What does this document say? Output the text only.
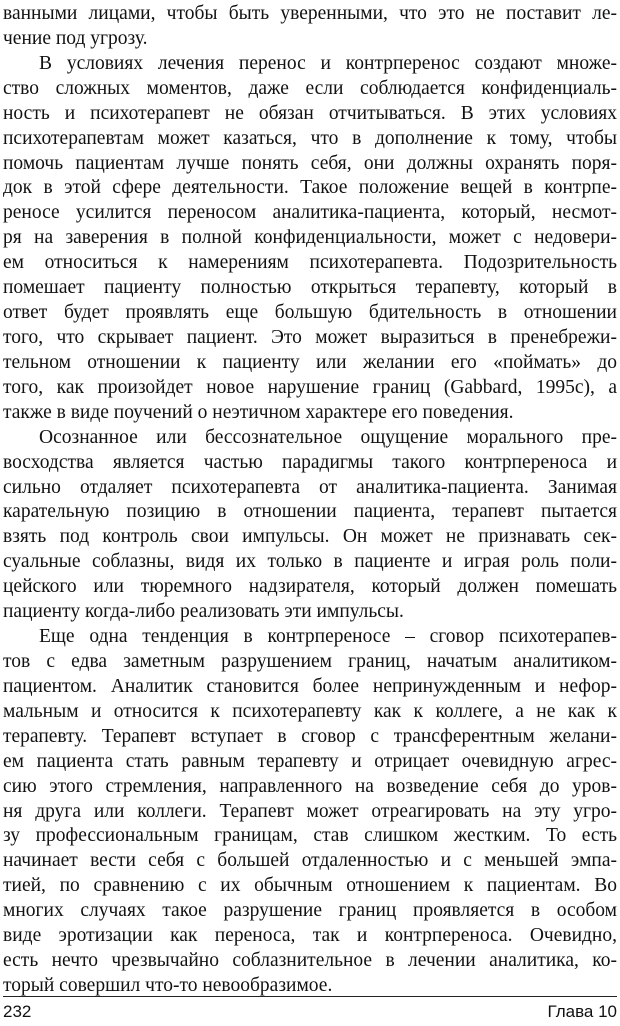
ванными лицами, чтобы быть уверенными, что это не поставит ле-
чение под угрозу.
В условиях лечения перенос и контрперенос создают множе-
ство сложных моментов, даже если соблюдается конфиденциаль-
ность и психотерапевт не обязан отчитываться. В этих условиях
психотерапевтам может казаться, что в дополнение к тому, чтобы
помочь пациентам лучше понять себя, они должны охранять поря-
док в этой сфере деятельности. Такое положение вещей в контрпе-
реносе усилится переносом аналитика-пациента, который, несмот-
ря на заверения в полной конфиденциальности, может с недовери-
ем относиться к намерениям психотерапевта. Подозрительность
помешает пациенту полностью открыться терапевту, который в
ответ будет проявлять еще большую бдительность в отношении
того, что скрывает пациент. Это может выразиться в пренебрежи-
тельном отношении к пациенту или желании его «поймать» до
того, как произойдет новое нарушение границ (Gabbard, 1995c), а
также в виде поучений о неэтичном характере его поведения.
Осознанное или бессознательное ощущение морального пре-
восходства является частью парадигмы такого контрпереноса и
сильно отдаляет психотерапевта от аналитика-пациента. Занимая
карательную позицию в отношении пациента, терапевт пытается
взять под контроль свои импульсы. Он может не признавать сек-
суальные соблазны, видя их только в пациенте и играя роль поли-
цейского или тюремного надзирателя, который должен помешать
пациенту когда-либо реализовать эти импульсы.
Еще одна тенденция в контрпереносе – сговор психотерапев-
тов с едва заметным разрушением границ, начатым аналитиком-
пациентом. Аналитик становится более непринужденным и нефор-
мальным и относится к психотерапевту как к коллеге, а не как к
терапевту. Терапевт вступает в сговор с трансферентным желани-
ем пациента стать равным терапевту и отрицает очевидную агрес-
сию этого стремления, направленного на возведение себя до уров-
ня друга или коллеги. Терапевт может отреагировать на эту угро-
зу профессиональным границам, став слишком жестким. То есть
начинает вести себя с большей отдаленностью и с меньшей эмпа-
тией, по сравнению с их обычным отношением к пациентам. Во
многих случаях такое разрушение границ проявляется в особом
виде эротизации как переноса, так и контрпереноса. Очевидно,
есть нечто чрезвычайно соблазнительное в лечении аналитика, ко-
торый совершил что-то невообразимое.
232	Глава 10
